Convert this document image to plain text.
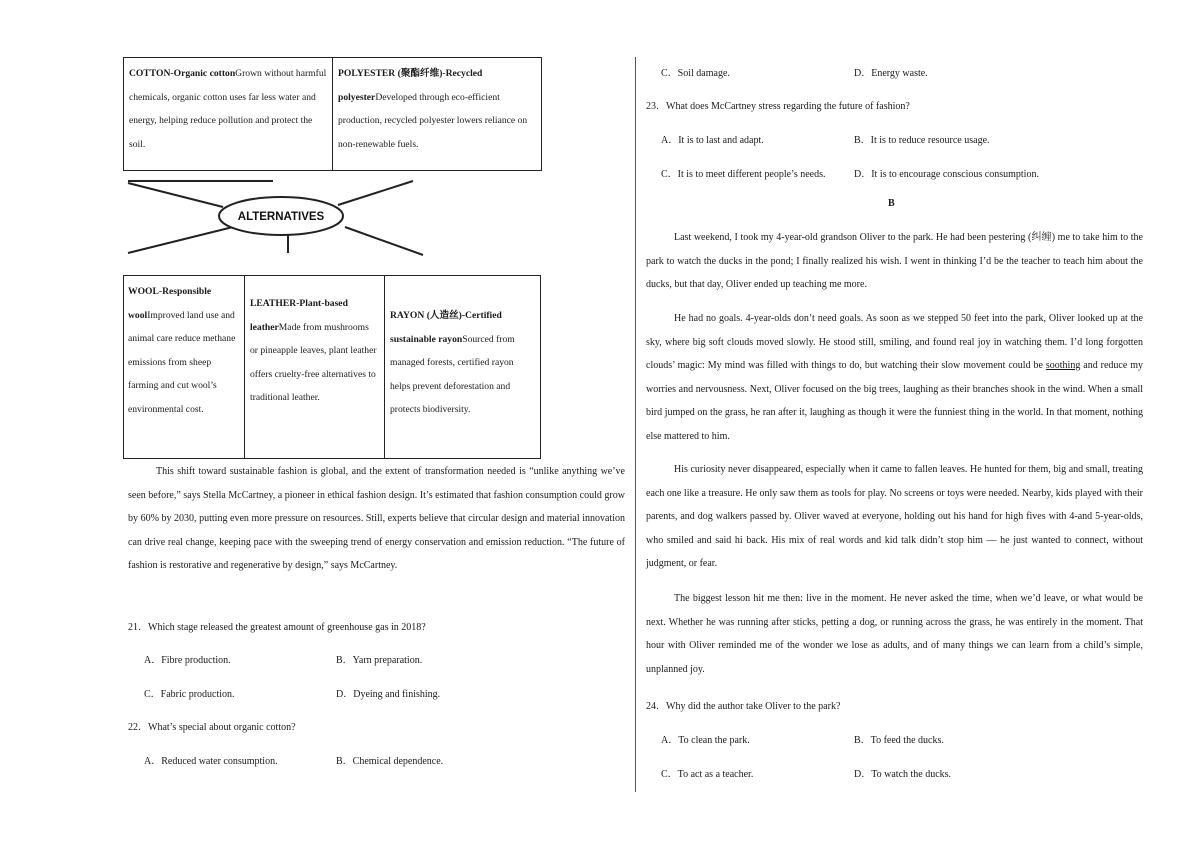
COTTON-Organic cottonGrown without harmful chemicals, organic cotton uses far less water and energy, helping reduce pollution and protect the soil.
POLYESTER (聚酯纤维)-Recycled polyesterDeveloped through eco-efficient production, recycled polyester lowers reliance on non-renewable fuels.
ALTERNATIVES
WOOL-Responsible woolImproved land use and animal care reduce methane emissions from sheep farming and cut wool’s environmental cost.
LEATHER-Plant-based leatherMade from mushrooms or pineapple leaves, plant leather offers cruelty-free alternatives to traditional leather.
RAYON (人造丝)-Certified sustainable rayonSourced from managed forests, certified rayon helps prevent deforestation and protects biodiversity.

This shift toward sustainable fashion is global, and the extent of transformation needed is “unlike anything we’ve seen before,” says Stella McCartney, a pioneer in ethical fashion design. It’s estimated that fashion consumption could grow by 60% by 2030, putting even more pressure on resources. Still, experts believe that circular design and material innovation can drive real change, keeping pace with the sweeping trend of energy conservation and emission reduction. “The future of fashion is restorative and regenerative by design,” says McCartney.

21．Which stage released the greatest amount of greenhouse gas in 2018?
A．Fibre production.	B．Yarn preparation.
C．Fabric production.	D．Dyeing and finishing.
22．What’s special about organic cotton?
A．Reduced water consumption.	B．Chemical dependence.
C．Soil damage.	D．Energy waste.
23．What does McCartney stress regarding the future of fashion?
A．It is to last and adapt.	B．It is to reduce resource usage.
C．It is to meet different people’s needs.	D．It is to encourage conscious consumption.
B

Last weekend, I took my 4-year-old grandson Oliver to the park. He had been pestering (纠缠) me to take him to the park to watch the ducks in the pond; I finally realized his wish. I went in thinking I’d be the teacher to teach him about the ducks, but that day, Oliver ended up teaching me more.

He had no goals. 4-year-olds don’t need goals. As soon as we stepped 50 feet into the park, Oliver looked up at the sky, where big soft clouds moved slowly. He stood still, smiling, and found real joy in watching them. I’d long forgotten clouds’ magic: My mind was filled with things to do, but watching their slow movement could be soothing and reduce my worries and nervousness. Next, Oliver focused on the big trees, laughing as their branches shook in the wind. When a small bird jumped on the grass, he ran after it, laughing as though it were the funniest thing in the world. In that moment, nothing else mattered to him.

His curiosity never disappeared, especially when it came to fallen leaves. He hunted for them, big and small, treating each one like a treasure. He only saw them as tools for play. No screens or toys were needed. Nearby, kids played with their parents, and dog walkers passed by. Oliver waved at everyone, holding out his hand for high fives with 4-and 5-year-olds, who smiled and said hi back. His mix of real words and kid talk didn’t stop him — he just wanted to connect, without judgment, or fear.

The biggest lesson hit me then: live in the moment. He never asked the time, when we’d leave, or what would be next. Whether he was running after sticks, petting a dog, or running across the grass, he was entirely in the moment. That hour with Oliver reminded me of the wonder we lose as adults, and of many things we can learn from a child’s simple, unplanned joy.

24．Why did the author take Oliver to the park?
A．To clean the park.	B．To feed the ducks.
C．To act as a teacher.	D．To watch the ducks.
